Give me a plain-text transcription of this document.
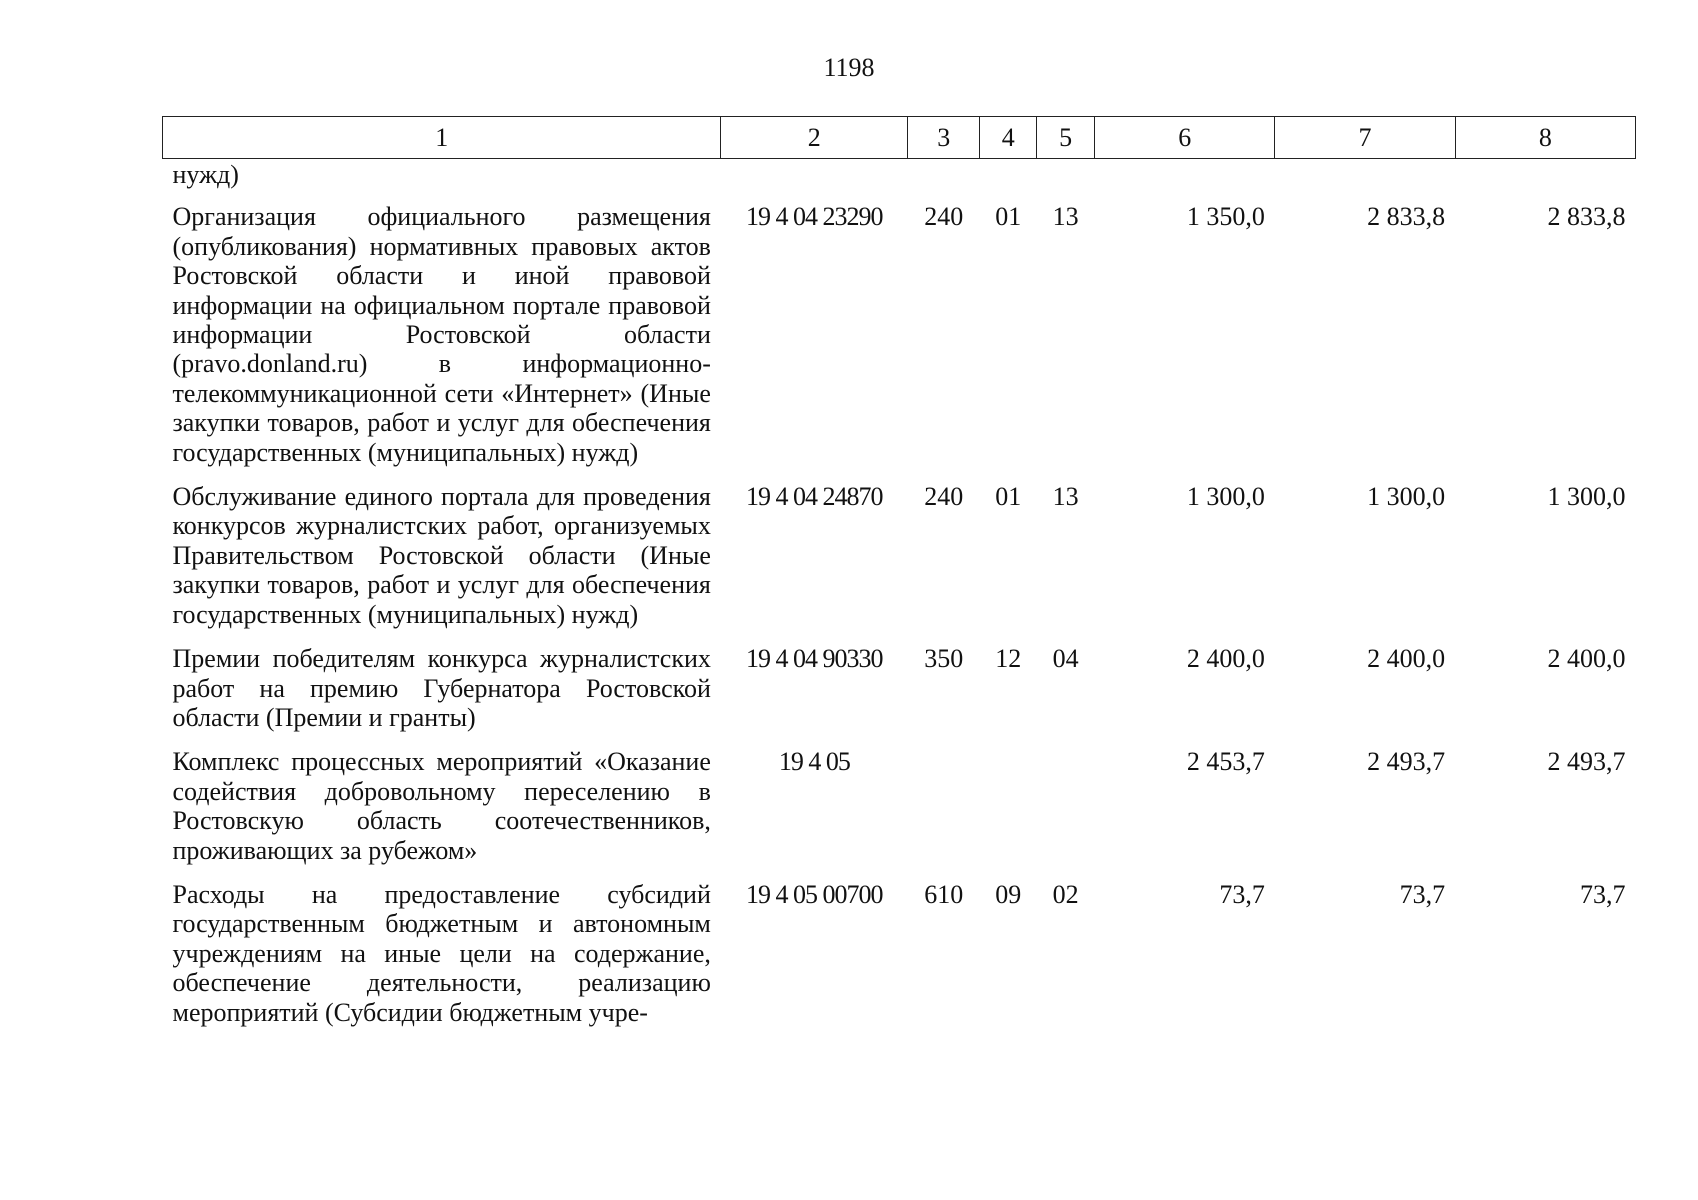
1198
1	2	3	4	5	6	7	8
нужд)							
Организация официального размещения (опубликования) нормативных правовых актов Ростовской области и иной правовой информации на официальном портале правовой информации Ростовской области (pravo.donland.ru) в информационно-телекоммуникационной сети «Интернет» (Иные закупки товаров, работ и услуг для обеспечения государственных (муниципальных) нужд)	19 4 04 23290	240	01	13	1 350,0	2 833,8	2 833,8
Обслуживание единого портала для проведения конкурсов журналистских работ, организуемых Правительством Ростовской области (Иные закупки товаров, работ и услуг для обеспечения государственных (муниципальных) нужд)	19 4 04 24870	240	01	13	1 300,0	1 300,0	1 300,0
Премии победителям конкурса журналистских работ на премию Губернатора Ростовской области (Премии и гранты)	19 4 04 90330	350	12	04	2 400,0	2 400,0	2 400,0
Комплекс процессных мероприятий «Оказание содействия добровольному переселению в Ростовскую область соотечественников, проживающих за рубежом»	19 4 05				2 453,7	2 493,7	2 493,7
Расходы на предоставление субсидий государственным бюджетным и автономным учреждениям на иные цели на содержание, обеспечение деятельности, реализацию мероприятий (Субсидии бюджетным учре-	19 4 05 00700	610	09	02	73,7	73,7	73,7
